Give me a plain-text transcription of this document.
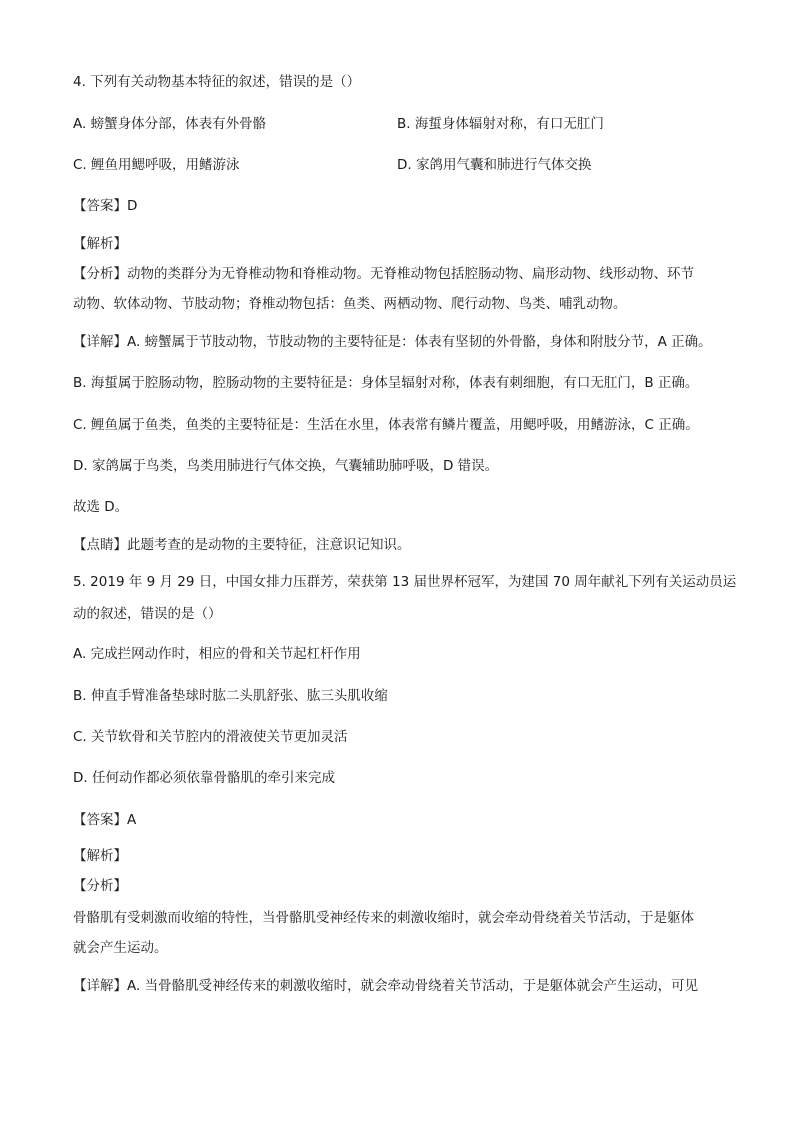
4. 下列有关动物基本特征的叙述，错误的是（）
A. 螃蟹身体分部，体表有外骨骼	B. 海蜇身体辐射对称，有口无肛门
C. 鲤鱼用鳃呼吸，用鳍游泳	D. 家鸽用气囊和肺进行气体交换
【答案】D
【解析】
【分析】动物的类群分为无脊椎动物和脊椎动物。无脊椎动物包括腔肠动物、扁形动物、线形动物、环节
动物、软体动物、节肢动物；脊椎动物包括：鱼类、两栖动物、爬行动物、鸟类、哺乳动物。
【详解】A. 螃蟹属于节肢动物，节肢动物的主要特征是：体表有坚韧的外骨骼，身体和附肢分节，A 正确。
B. 海蜇属于腔肠动物，腔肠动物的主要特征是：身体呈辐射对称，体表有刺细胞，有口无肛门，B 正确。
C. 鲤鱼属于鱼类，鱼类的主要特征是：生活在水里，体表常有鳞片覆盖，用鳃呼吸，用鳍游泳，C 正确。
D. 家鸽属于鸟类，鸟类用肺进行气体交换，气囊辅助肺呼吸，D 错误。
故选 D。
【点睛】此题考查的是动物的主要特征，注意识记知识。
5. 2019 年 9 月 29 日，中国女排力压群芳，荣获第 13 届世界杯冠军，为建国 70 周年献礼下列有关运动员运
动的叙述，错误的是（）
A. 完成拦网动作时，相应的骨和关节起杠杆作用
B. 伸直手臂准备垫球时肱二头肌舒张、肱三头肌收缩
C. 关节软骨和关节腔内的滑液使关节更加灵活
D. 任何动作都必须依靠骨骼肌的牵引来完成
【答案】A
【解析】
【分析】
骨骼肌有受刺激而收缩的特性，当骨骼肌受神经传来的刺激收缩时，就会牵动骨绕着关节活动，于是躯体
就会产生运动。
【详解】A. 当骨骼肌受神经传来的刺激收缩时，就会牵动骨绕着关节活动，于是躯体就会产生运动，可见
